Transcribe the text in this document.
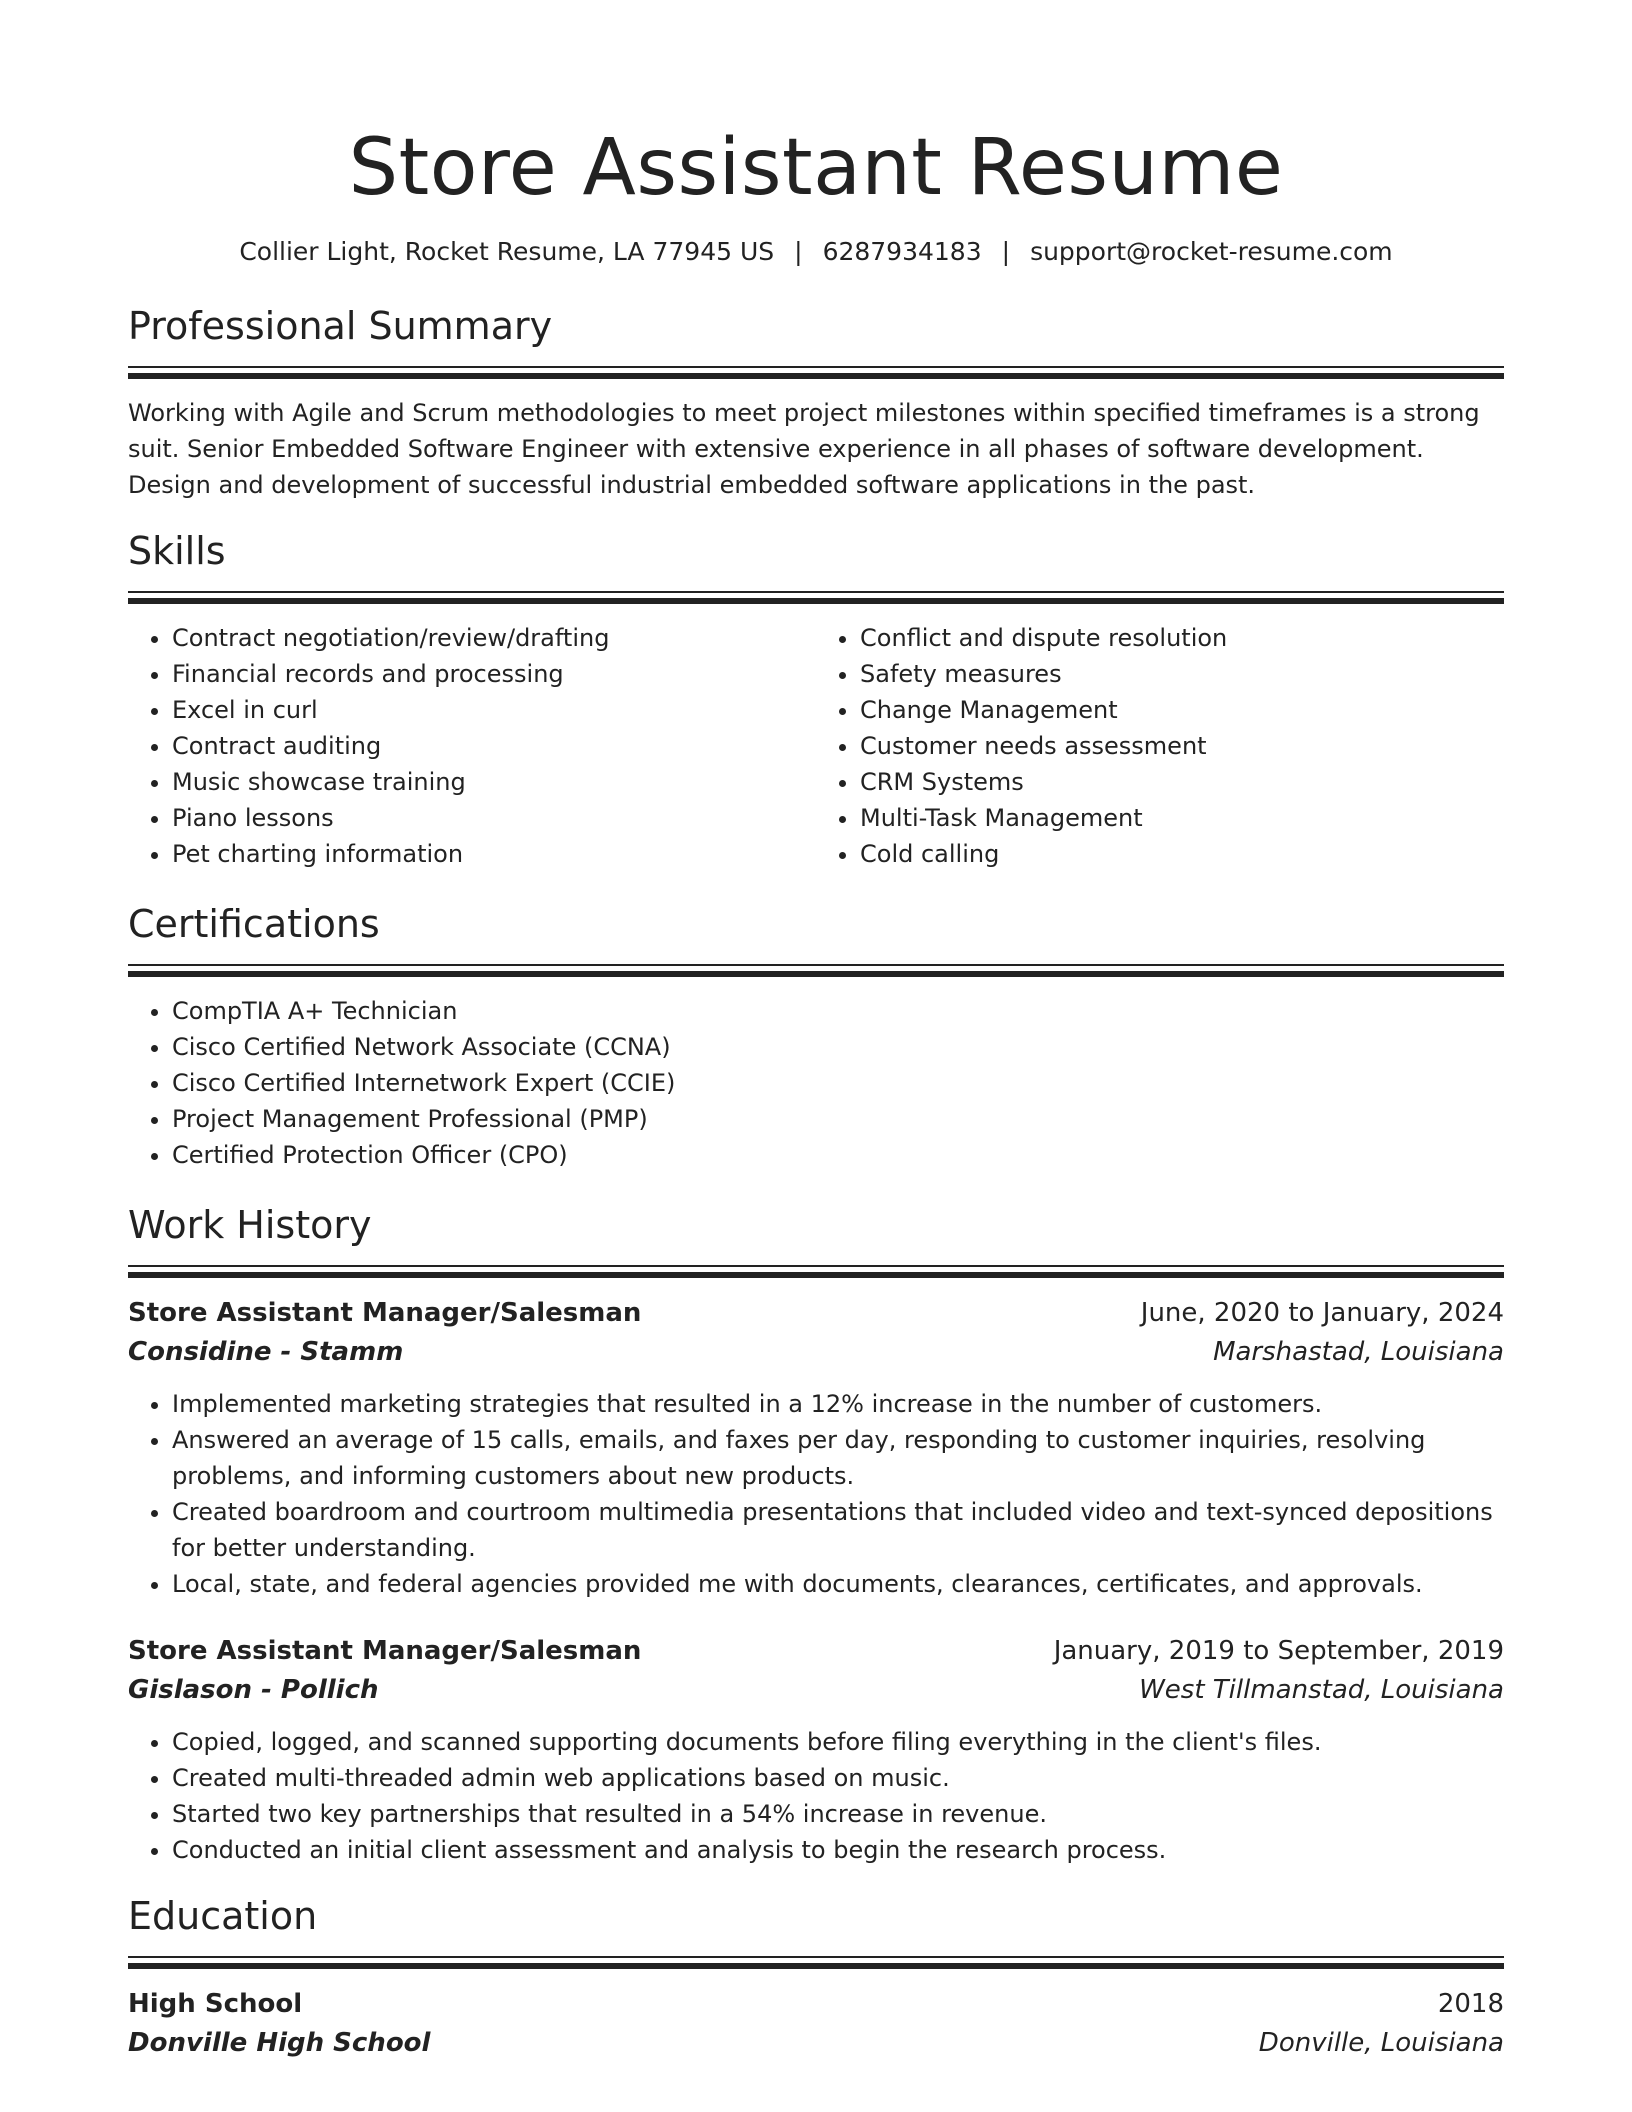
Store Assistant Resume
Collier Light, Rocket Resume, LA 77945 US | 6287934183 | support@rocket-resume.com
Professional Summary

Working with Agile and Scrum methodologies to meet project milestones within specified timeframes is a strong suit. Senior Embedded Software Engineer with extensive experience in all phases of software development. Design and development of successful industrial embedded software applications in the past.

Skills
• Contract negotiation/review/drafting
• Financial records and processing
• Excel in curl
• Contract auditing
• Music showcase training
• Piano lessons
• Pet charting information
• Conflict and dispute resolution
• Safety measures
• Change Management
• Customer needs assessment
• CRM Systems
• Multi-Task Management
• Cold calling
Certifications
• CompTIA A+ Technician
• Cisco Certified Network Associate (CCNA)
• Cisco Certified Internetwork Expert (CCIE)
• Project Management Professional (PMP)
• Certified Protection Officer (CPO)
Work History
Store Assistant Manager/Salesman	June, 2020 to January, 2024
Considine - Stamm	Marshastad, Louisiana
• Implemented marketing strategies that resulted in a 12% increase in the number of customers.
• Answered an average of 15 calls, emails, and faxes per day, responding to customer inquiries, resolving problems, and informing customers about new products.
• Created boardroom and courtroom multimedia presentations that included video and text-synced depositions for better understanding.
• Local, state, and federal agencies provided me with documents, clearances, certificates, and approvals.
Store Assistant Manager/Salesman	January, 2019 to September, 2019
Gislason - Pollich	West Tillmanstad, Louisiana
• Copied, logged, and scanned supporting documents before filing everything in the client's files.
• Created multi-threaded admin web applications based on music.
• Started two key partnerships that resulted in a 54% increase in revenue.
• Conducted an initial client assessment and analysis to begin the research process.
Education
High School	2018
Donville High School	Donville, Louisiana
